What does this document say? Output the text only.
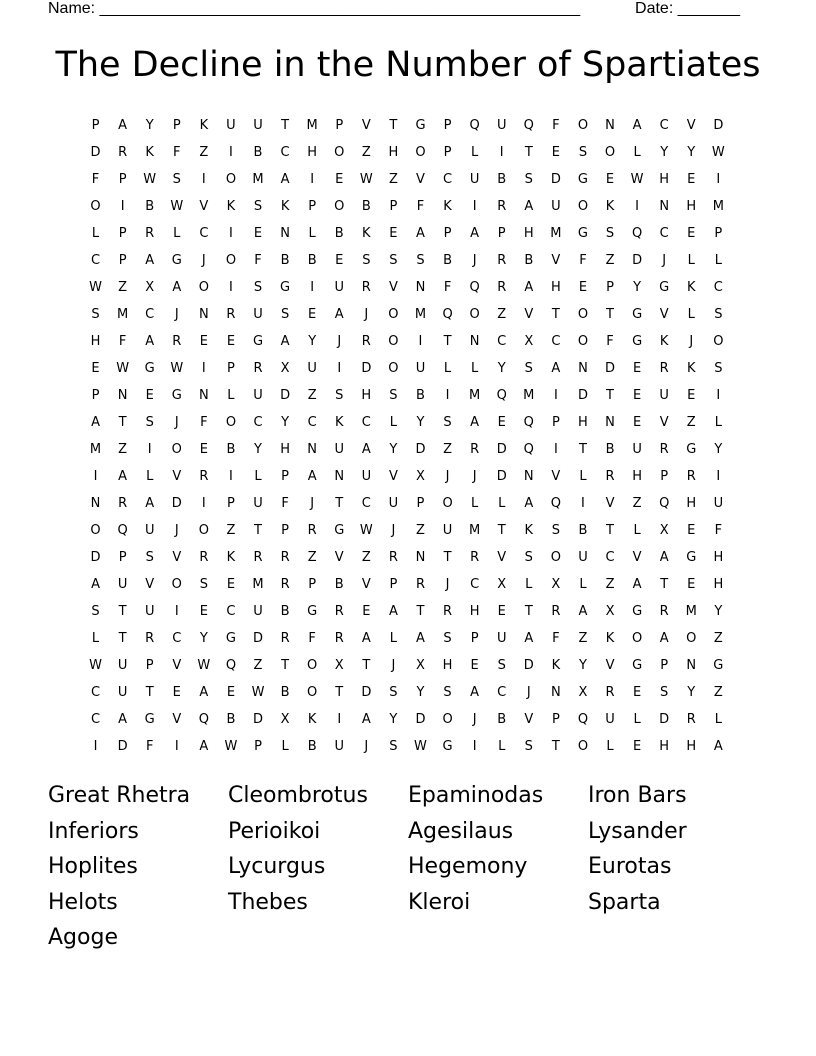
Name: ______________________________________________________	Date: _______
The Decline in the Number of Spartiates
P	A	Y	P	K	U	U	T	M	P	V	T	G	P	Q	U	Q	F	O	N	A	C	V	D
D	R	K	F	Z	I	B	C	H	O	Z	H	O	P	L	I	T	E	S	O	L	Y	Y	W
F	P	W	S	I	O	M	A	I	E	W	Z	V	C	U	B	S	D	G	E	W	H	E	I
O	I	B	W	V	K	S	K	P	O	B	P	F	K	I	R	A	U	O	K	I	N	H	M
L	P	R	L	C	I	E	N	L	B	K	E	A	P	A	P	H	M	G	S	Q	C	E	P
C	P	A	G	J	O	F	B	B	E	S	S	S	B	J	R	B	V	F	Z	D	J	L	L
W	Z	X	A	O	I	S	G	I	U	R	V	N	F	Q	R	A	H	E	P	Y	G	K	C
S	M	C	J	N	R	U	S	E	A	J	O	M	Q	O	Z	V	T	O	T	G	V	L	S
H	F	A	R	E	E	G	A	Y	J	R	O	I	T	N	C	X	C	O	F	G	K	J	O
E	W	G	W	I	P	R	X	U	I	D	O	U	L	L	Y	S	A	N	D	E	R	K	S
P	N	E	G	N	L	U	D	Z	S	H	S	B	I	M	Q	M	I	D	T	E	U	E	I
A	T	S	J	F	O	C	Y	C	K	C	L	Y	S	A	E	Q	P	H	N	E	V	Z	L
M	Z	I	O	E	B	Y	H	N	U	A	Y	D	Z	R	D	Q	I	T	B	U	R	G	Y
I	A	L	V	R	I	L	P	A	N	U	V	X	J	J	D	N	V	L	R	H	P	R	I
N	R	A	D	I	P	U	F	J	T	C	U	P	O	L	L	A	Q	I	V	Z	Q	H	U
O	Q	U	J	O	Z	T	P	R	G	W	J	Z	U	M	T	K	S	B	T	L	X	E	F
D	P	S	V	R	K	R	R	Z	V	Z	R	N	T	R	V	S	O	U	C	V	A	G	H
A	U	V	O	S	E	M	R	P	B	V	P	R	J	C	X	L	X	L	Z	A	T	E	H
S	T	U	I	E	C	U	B	G	R	E	A	T	R	H	E	T	R	A	X	G	R	M	Y
L	T	R	C	Y	G	D	R	F	R	A	L	A	S	P	U	A	F	Z	K	O	A	O	Z
W	U	P	V	W	Q	Z	T	O	X	T	J	X	H	E	S	D	K	Y	V	G	P	N	G
C	U	T	E	A	E	W	B	O	T	D	S	Y	S	A	C	J	N	X	R	E	S	Y	Z
C	A	G	V	Q	B	D	X	K	I	A	Y	D	O	J	B	V	P	Q	U	L	D	R	L
I	D	F	I	A	W	P	L	B	U	J	S	W	G	I	L	S	T	O	L	E	H	H	A
Great Rhetra	Cleombrotus	Epaminodas	Iron Bars
Inferiors	Perioikoi	Agesilaus	Lysander
Hoplites	Lycurgus	Hegemony	Eurotas
Helots	Thebes	Kleroi	Sparta
Agoge
